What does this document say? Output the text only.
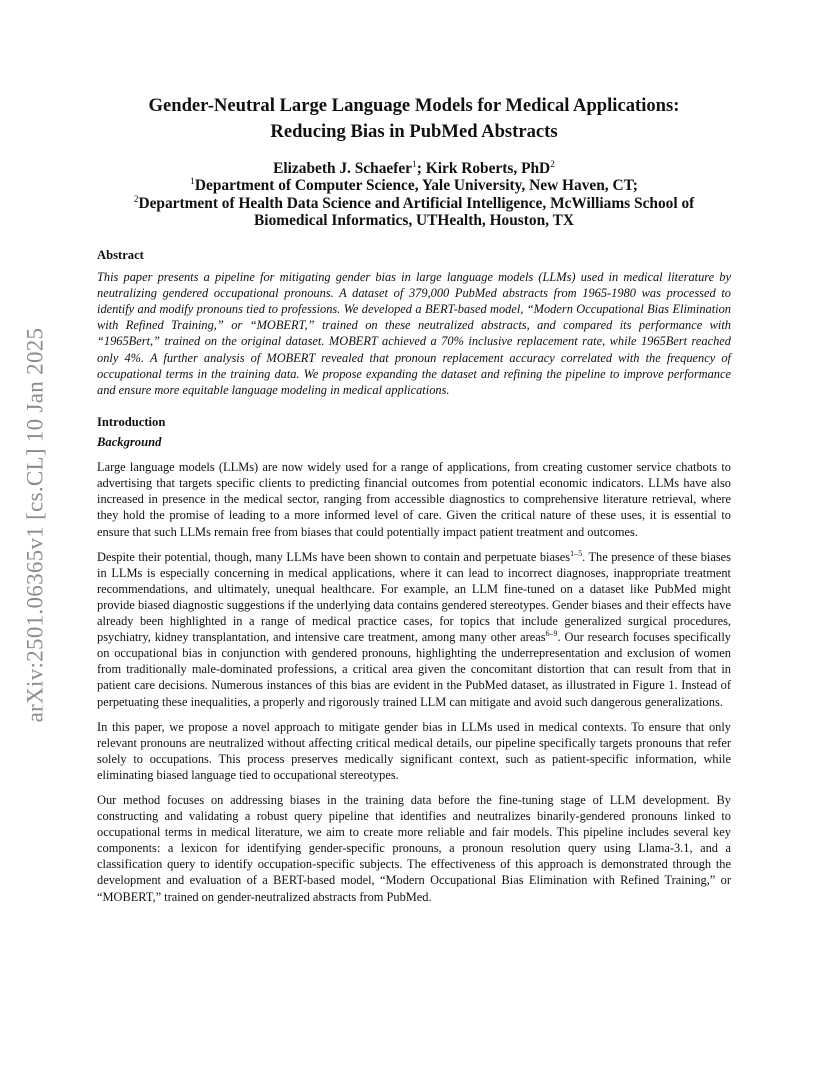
arXiv:2501.06365v1 [cs.CL] 10 Jan 2025
Gender-Neutral Large Language Models for Medical Applications:
Reducing Bias in PubMed Abstracts
Elizabeth J. Schaefer$^1$; Kirk Roberts, PhD$^2$
$^1$Department of Computer Science, Yale University, New Haven, CT;
$^2$Department of Health Data Science and Artificial Intelligence, McWilliams School of
Biomedical Informatics, UTHealth, Houston, TX
Abstract

This paper presents a pipeline for mitigating gender bias in large language models (LLMs) used in medical literature by neutralizing gendered occupational pronouns. A dataset of 379,000 PubMed abstracts from 1965-1980 was processed to identify and modify pronouns tied to professions. We developed a BERT-based model, “Modern Occupational Bias Elimination with Refined Training,” or “MOBERT,” trained on these neutralized abstracts, and compared its performance with “1965Bert,” trained on the original dataset. MOBERT achieved a 70% inclusive replacement rate, while 1965Bert reached only 4%. A further analysis of MOBERT revealed that pronoun replacement accuracy correlated with the frequency of occupational terms in the training data. We propose expanding the dataset and refining the pipeline to improve performance and ensure more equitable language modeling in medical applications.

Introduction
Background

Large language models (LLMs) are now widely used for a range of applications, from creating customer service chatbots to advertising that targets specific clients to predicting financial outcomes from potential economic indicators. LLMs have also increased in presence in the medical sector, ranging from accessible diagnostics to comprehensive literature retrieval, where they hold the promise of leading to a more informed level of care. Given the critical nature of these uses, it is essential to ensure that such LLMs remain free from biases that could potentially impact patient treatment and outcomes.

Despite their potential, though, many LLMs have been shown to contain and perpetuate biases$^{1-5}$. The presence of these biases in LLMs is especially concerning in medical applications, where it can lead to incorrect diagnoses, inappropriate treatment recommendations, and ultimately, unequal healthcare. For example, an LLM fine-tuned on a dataset like PubMed might provide biased diagnostic suggestions if the underlying data contains gendered stereotypes. Gender biases and their effects have already been highlighted in a range of medical practice cases, for topics that include generalized surgical procedures, psychiatry, kidney transplantation, and intensive care treatment, among many other areas$^{6-9}$. Our research focuses specifically on occupational bias in conjunction with gendered pronouns, highlighting the underrepresentation and exclusion of women from traditionally male-dominated professions, a critical area given the concomitant distortion that can result from that in patient care decisions. Numerous instances of this bias are evident in the PubMed dataset, as illustrated in Figure 1. Instead of perpetuating these inequalities, a properly and rigorously trained LLM can mitigate and avoid such dangerous generalizations.

In this paper, we propose a novel approach to mitigate gender bias in LLMs used in medical contexts. To ensure that only relevant pronouns are neutralized without affecting critical medical details, our pipeline specifically targets pronouns that refer solely to occupations. This process preserves medically significant context, such as patient-specific information, while eliminating biased language tied to occupational stereotypes.

Our method focuses on addressing biases in the training data before the fine-tuning stage of LLM development. By constructing and validating a robust query pipeline that identifies and neutralizes binarily-gendered pronouns linked to occupational terms in medical literature, we aim to create more reliable and fair models. This pipeline includes several key components: a lexicon for identifying gender-specific pronouns, a pronoun resolution query using Llama-3.1, and a classification query to identify occupation-specific subjects. The effectiveness of this approach is demonstrated through the development and evaluation of a BERT-based model, “Modern Occupational Bias Elimination with Refined Training,” or “MOBERT,” trained on gender-neutralized abstracts from PubMed.
